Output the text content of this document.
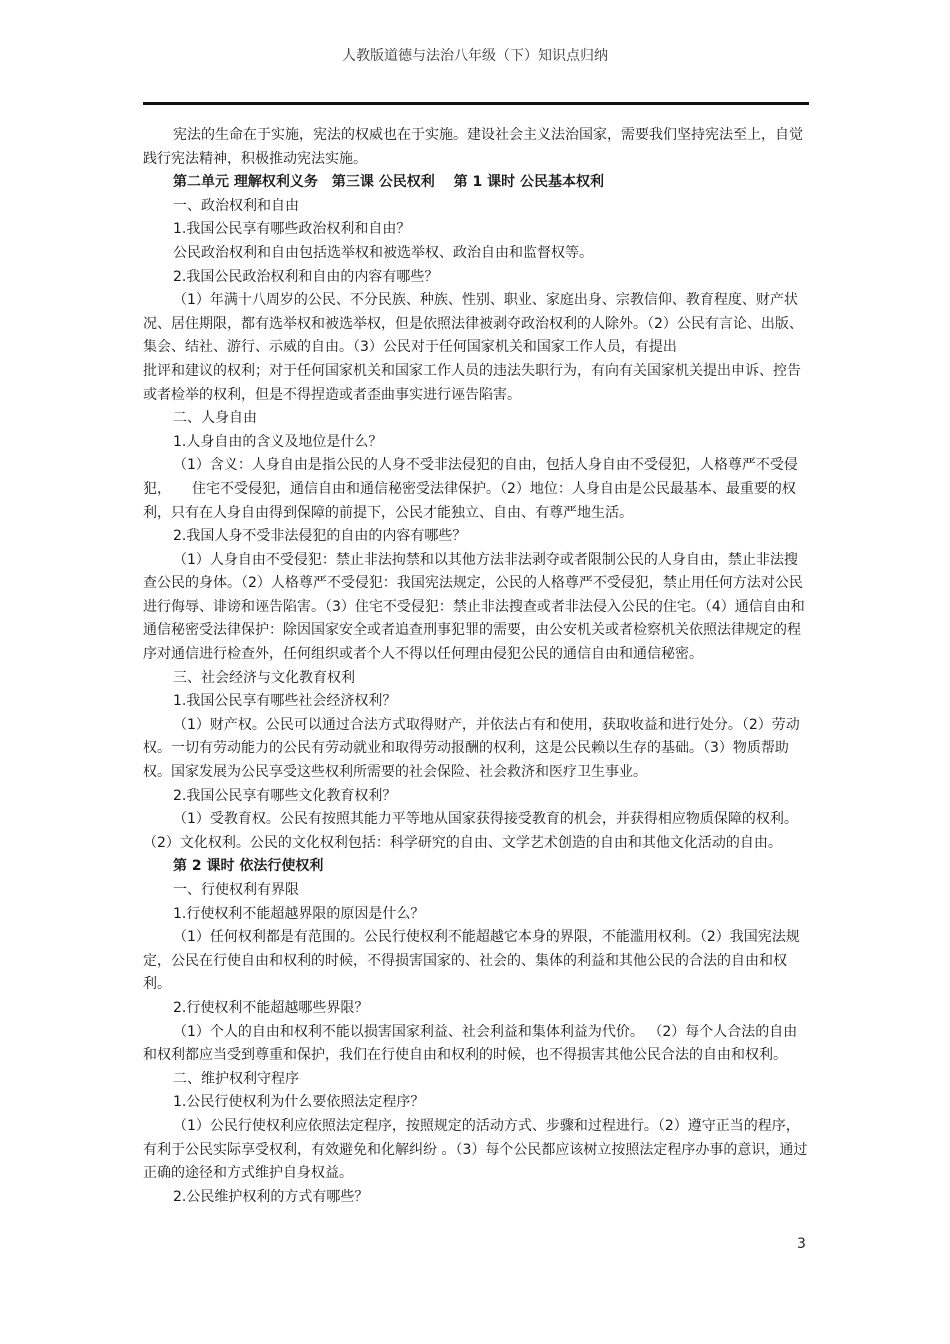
人教版道德与法治八年级（下）知识点归纳

宪法的生命在于实施，宪法的权威也在于实施。建设社会主义法治国家，需要我们坚持宪法至上，自觉践行宪法精神，积极推动宪法实施。

第二单元 理解权利义务　第三课 公民权利　 第 1 课时 公民基本权利

一、政治权利和自由

1.我国公民享有哪些政治权利和自由？

公民政治权利和自由包括选举权和被选举权、政治自由和监督权等。

2.我国公民政治权利和自由的内容有哪些？

（1）年满十八周岁的公民、不分民族、种族、性别、职业、家庭出身、宗教信仰、教育程度、财产状况、居住期限，都有选举权和被选举权，但是依照法律被剥夺政治权利的人除外。（2）公民有言论、出版、集会、结社、游行、示威的自由。（3）公民对于任何国家机关和国家工作人员，有提出

批评和建议的权利；对于任何国家机关和国家工作人员的违法失职行为，有向有关国家机关提出申诉、控告或者检举的权利，但是不得捏造或者歪曲事实进行诬告陷害。

二、人身自由

1.人身自由的含义及地位是什么？

（1）含义：人身自由是指公民的人身不受非法侵犯的自由，包括人身自由不受侵犯，人格尊严不受侵犯，　　住宅不受侵犯，通信自由和通信秘密受法律保护。（2）地位：人身自由是公民最基本、最重要的权利，只有在人身自由得到保障的前提下，公民才能独立、自由、有尊严地生活。

2.我国人身不受非法侵犯的自由的内容有哪些？

（1）人身自由不受侵犯：禁止非法拘禁和以其他方法非法剥夺或者限制公民的人身自由，禁止非法搜查公民的身体。（2）人格尊严不受侵犯：我国宪法规定，公民的人格尊严不受侵犯，禁止用任何方法对公民进行侮辱、诽谤和诬告陷害。（3）住宅不受侵犯：禁止非法搜查或者非法侵入公民的住宅。（4）通信自由和通信秘密受法律保护：除因国家安全或者追查刑事犯罪的需要，由公安机关或者检察机关依照法律规定的程序对通信进行检查外，任何组织或者个人不得以任何理由侵犯公民的通信自由和通信秘密。

三、社会经济与文化教育权利

1.我国公民享有哪些社会经济权利？

（1）财产权。公民可以通过合法方式取得财产，并依法占有和使用，获取收益和进行处分。（2）劳动权。一切有劳动能力的公民有劳动就业和取得劳动报酬的权利，这是公民赖以生存的基础。（3）物质帮助权。国家发展为公民享受这些权利所需要的社会保险、社会救济和医疗卫生事业。

2.我国公民享有哪些文化教育权利？

（1）受教育权。公民有按照其能力平等地从国家获得接受教育的机会，并获得相应物质保障的权利。（2）文化权利。公民的文化权利包括：科学研究的自由、文学艺术创造的自由和其他文化活动的自由。

第 2 课时 依法行使权利

一、行使权利有界限

1.行使权利不能超越界限的原因是什么？

（1）任何权利都是有范围的。公民行使权利不能超越它本身的界限，不能滥用权利。（2）我国宪法规定，公民在行使自由和权利的时候，不得损害国家的、社会的、集体的利益和其他公民的合法的自由和权利。

2.行使权利不能超越哪些界限？

（1）个人的自由和权利不能以损害国家利益、社会利益和集体利益为代价。 （2）每个人合法的自由和权利都应当受到尊重和保护，我们在行使自由和权利的时候，也不得损害其他公民合法的自由和权利。

二、维护权利守程序

1.公民行使权利为什么要依照法定程序？

（1）公民行使权利应依照法定程序，按照规定的活动方式、步骤和过程进行。（2）遵守正当的程序，有利于公民实际享受权利，有效避免和化解纠纷 。（3）每个公民都应该树立按照法定程序办事的意识，通过正确的途径和方式维护自身权益。

2.公民维护权利的方式有哪些？

3
